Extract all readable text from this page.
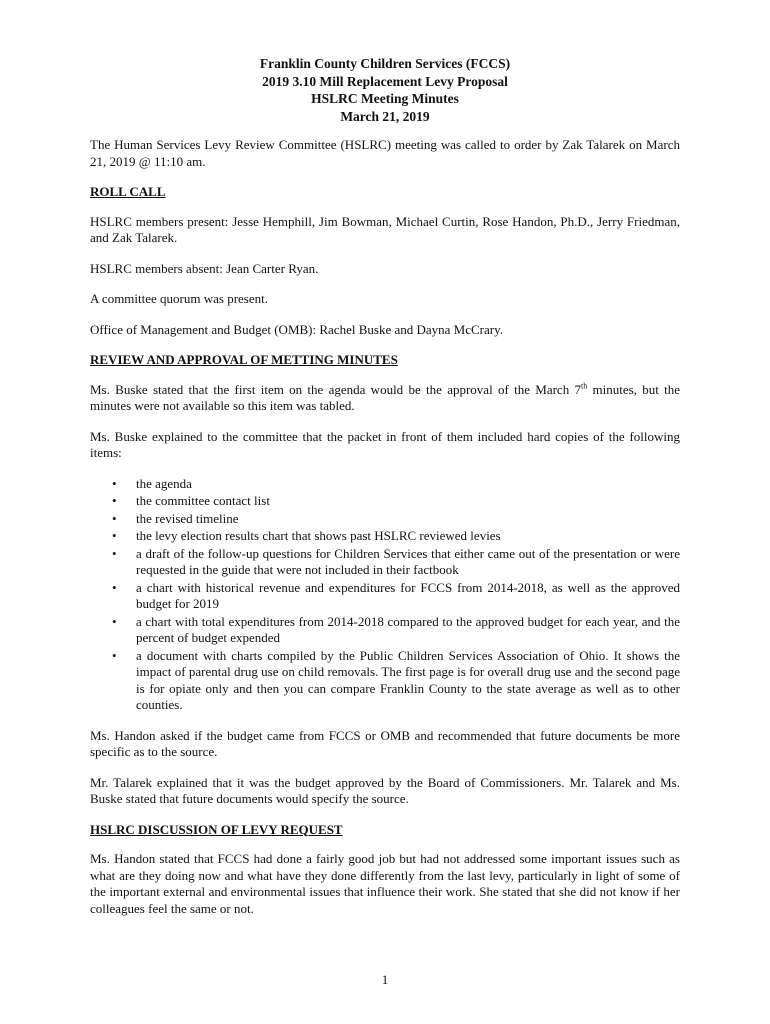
Franklin County Children Services (FCCS)
2019 3.10 Mill Replacement Levy Proposal
HSLRC Meeting Minutes
March 21, 2019

The Human Services Levy Review Committee (HSLRC) meeting was called to order by Zak Talarek on March 21, 2019 @ 11:10 am.

ROLL CALL

HSLRC members present: Jesse Hemphill, Jim Bowman, Michael Curtin, Rose Handon, Ph.D., Jerry Friedman, and Zak Talarek.

HSLRC members absent: Jean Carter Ryan.

A committee quorum was present.

Office of Management and Budget (OMB): Rachel Buske and Dayna McCrary.

REVIEW AND APPROVAL OF METTING MINUTES

Ms. Buske stated that the first item on the agenda would be the approval of the March 7th minutes, but the minutes were not available so this item was tabled.

Ms. Buske explained to the committee that the packet in front of them included hard copies of the following items:

• the agenda
• the committee contact list
• the revised timeline
• the levy election results chart that shows past HSLRC reviewed levies
• a draft of the follow-up questions for Children Services that either came out of the presentation or were requested in the guide that were not included in their factbook
• a chart with historical revenue and expenditures for FCCS from 2014-2018, as well as the approved budget for 2019
• a chart with total expenditures from 2014-2018 compared to the approved budget for each year, and the percent of budget expended
• a document with charts compiled by the Public Children Services Association of Ohio. It shows the impact of parental drug use on child removals. The first page is for overall drug use and the second page is for opiate only and then you can compare Franklin County to the state average as well as to other counties.

Ms. Handon asked if the budget came from FCCS or OMB and recommended that future documents be more specific as to the source.

Mr. Talarek explained that it was the budget approved by the Board of Commissioners. Mr. Talarek and Ms. Buske stated that future documents would specify the source.

HSLRC DISCUSSION OF LEVY REQUEST

Ms. Handon stated that FCCS had done a fairly good job but had not addressed some important issues such as what are they doing now and what have they done differently from the last levy, particularly in light of some of the important external and environmental issues that influence their work. She stated that she did not know if her colleagues feel the same or not.

1
